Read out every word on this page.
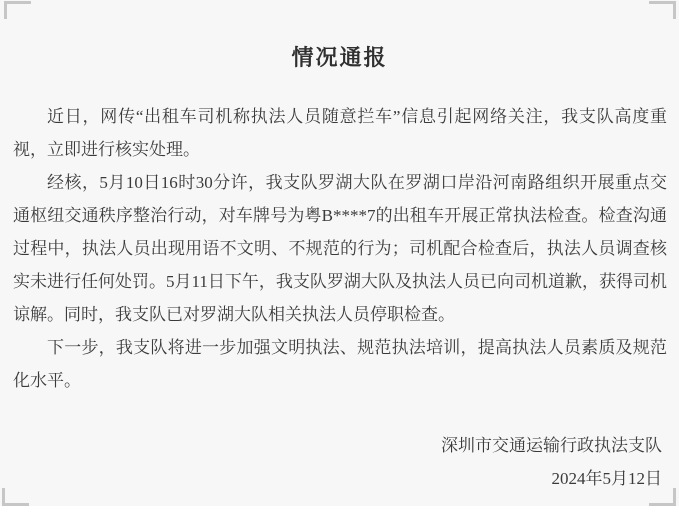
情况通报

近日，网传“出租车司机称执法人员随意拦车”信息引起网络关注，我支队高度重视，立即进行核实处理。

经核，5月10日16时30分许，我支队罗湖大队在罗湖口岸沿河南路组织开展重点交通枢纽交通秩序整治行动，对车牌号为粤B****7的出租车开展正常执法检查。检查沟通过程中，执法人员出现用语不文明、不规范的行为；司机配合检查后，执法人员调查核实未进行任何处罚。5月11日下午，我支队罗湖大队及执法人员已向司机道歉，获得司机谅解。同时，我支队已对罗湖大队相关执法人员停职检查。

下一步，我支队将进一步加强文明执法、规范执法培训，提高执法人员素质及规范化水平。

深圳市交通运输行政执法支队
2024年5月12日
